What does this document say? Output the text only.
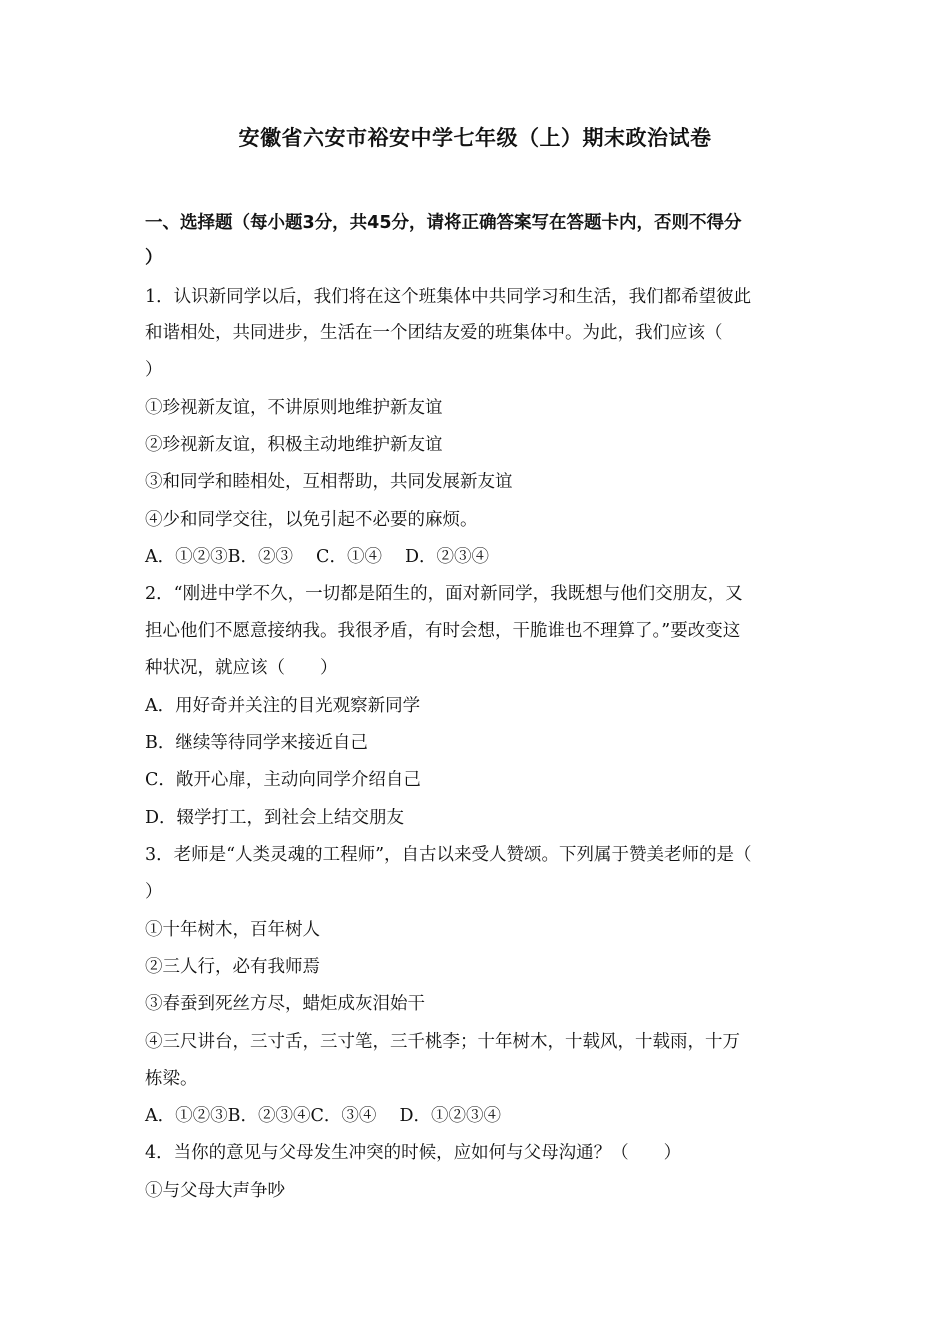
安徽省六安市裕安中学七年级（上）期末政治试卷
一、选择题（每小题3分，共45分，请将正确答案写在答题卡内，否则不得分
）
1．认识新同学以后，我们将在这个班集体中共同学习和生活，我们都希望彼此
和谐相处，共同进步，生活在一个团结友爱的班集体中。为此，我们应该（
）
①珍视新友谊，不讲原则地维护新友谊
②珍视新友谊，积极主动地维护新友谊
③和同学和睦相处，互相帮助，共同发展新友谊
④少和同学交往，以免引起不必要的麻烦。
A．①②③B．②③　 C．①④　 D．②③④
2．“刚进中学不久，一切都是陌生的，面对新同学，我既想与他们交朋友，又
担心他们不愿意接纳我。我很矛盾，有时会想，干脆谁也不理算了。”要改变这
种状况，就应该（　　）
A．用好奇并关注的目光观察新同学
B．继续等待同学来接近自己
C．敞开心扉，主动向同学介绍自己
D．辍学打工，到社会上结交朋友
3．老师是“人类灵魂的工程师”，自古以来受人赞颂。下列属于赞美老师的是（
）
①十年树木，百年树人
②三人行，必有我师焉
③春蚕到死丝方尽，蜡炬成灰泪始干
④三尺讲台，三寸舌，三寸笔，三千桃李；十年树木，十载风，十载雨，十万
栋梁。
A．①②③B．②③④C．③④　 D．①②③④
4．当你的意见与父母发生冲突的时候，应如何与父母沟通？（　　）
①与父母大声争吵
